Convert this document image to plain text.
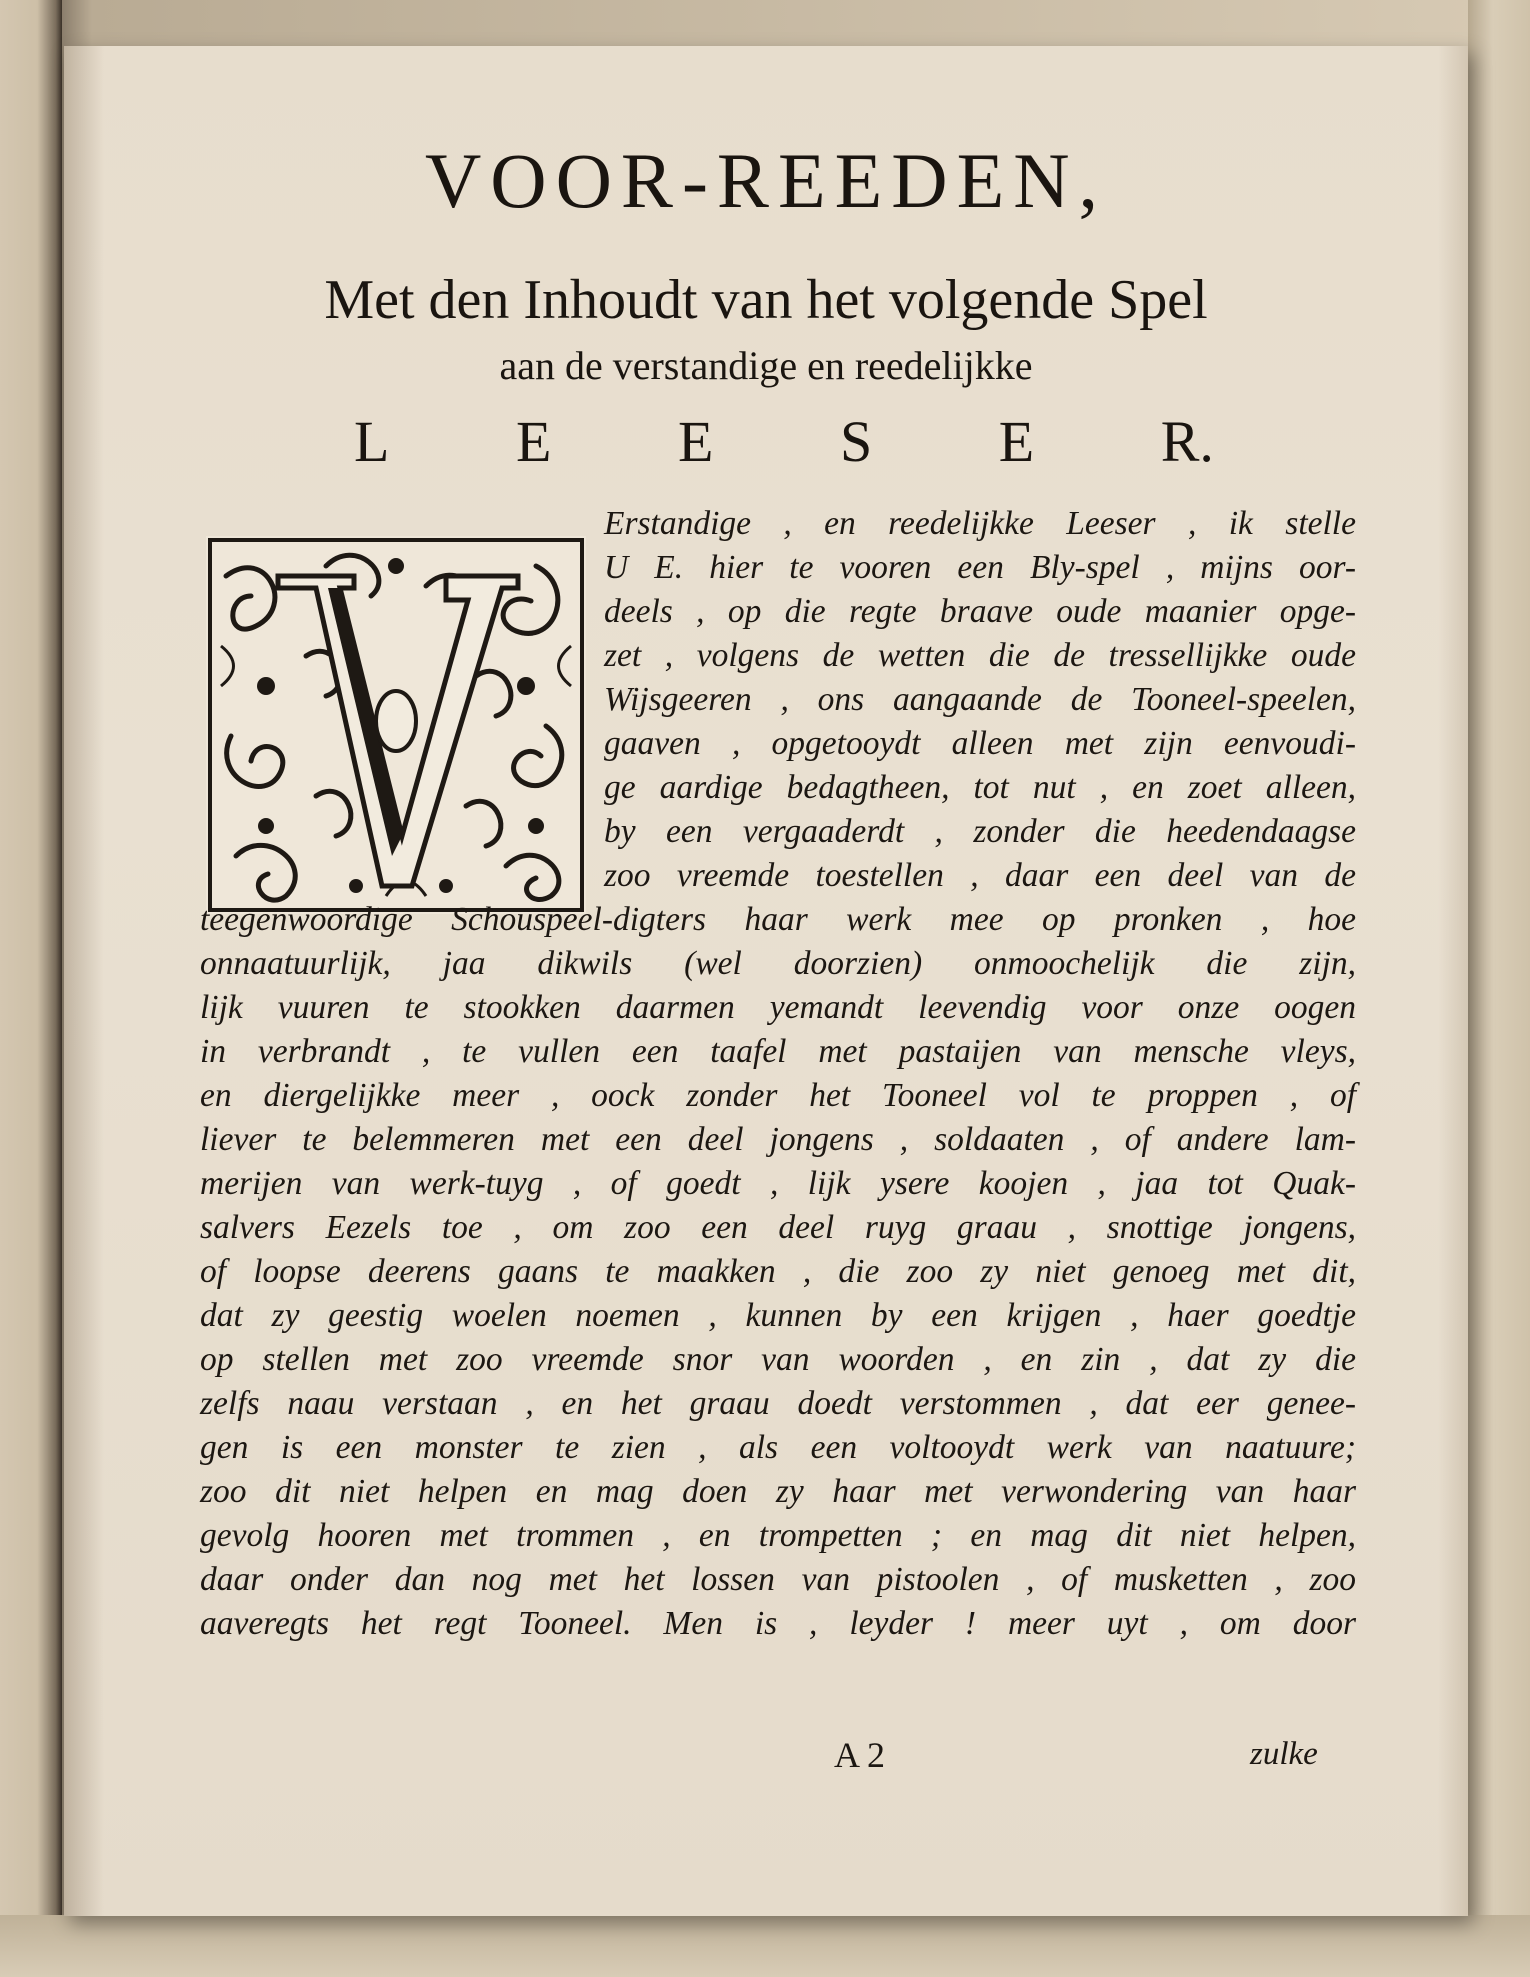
VOOR-REEDEN,

Met den Inhoudt van het volgende Spel

aan de verstandige en reedelijkke

L E E S E R.

Erstandige , en reedelijkke Leeser , ik stelle

U E. hier te vooren een Bly-spel , mijns oor-

deels , op die regte braave oude maanier opge-

zet , volgens de wetten die de tressellijkke oude

Wijsgeeren , ons aangaande de Tooneel-speelen,

gaaven , opgetooydt alleen met zijn eenvoudi-

ge aardige bedagtheen, tot nut , en zoet alleen,

by een vergaaderdt , zonder die heedendaagse

zoo vreemde toestellen , daar een deel van de

teegenwoordige Schouspeel-digters haar werk mee op pronken , hoe

onnaatuurlijk, jaa dikwils (wel doorzien) onmoochelijk die zijn,

lijk vuuren te stookken daarmen yemandt leevendig voor onze oogen

in verbrandt , te vullen een taafel met pastaijen van mensche vleys,

en diergelijkke meer , oock zonder het Tooneel vol te proppen , of

liever te belemmeren met een deel jongens , soldaaten , of andere lam-

merijen van werk-tuyg , of goedt , lijk ysere koojen , jaa tot Quak-

salvers Eezels toe , om zoo een deel ruyg graau , snottige jongens,

of loopse deerens gaans te maakken , die zoo zy niet genoeg met dit,

dat zy geestig woelen noemen , kunnen by een krijgen , haer goedtje

op stellen met zoo vreemde snor van woorden , en zin , dat zy die

zelfs naau verstaan , en het graau doedt verstommen , dat eer genee-

gen is een monster te zien , als een voltooydt werk van naatuure;

zoo dit niet helpen en mag doen zy haar met verwondering van haar

gevolg hooren met trommen , en trompetten ; en mag dit niet helpen,

daar onder dan nog met het lossen van pistoolen , of musketten , zoo

aaveregts het regt Tooneel. Men is , leyder ! meer uyt , om door

A 2	zulke
